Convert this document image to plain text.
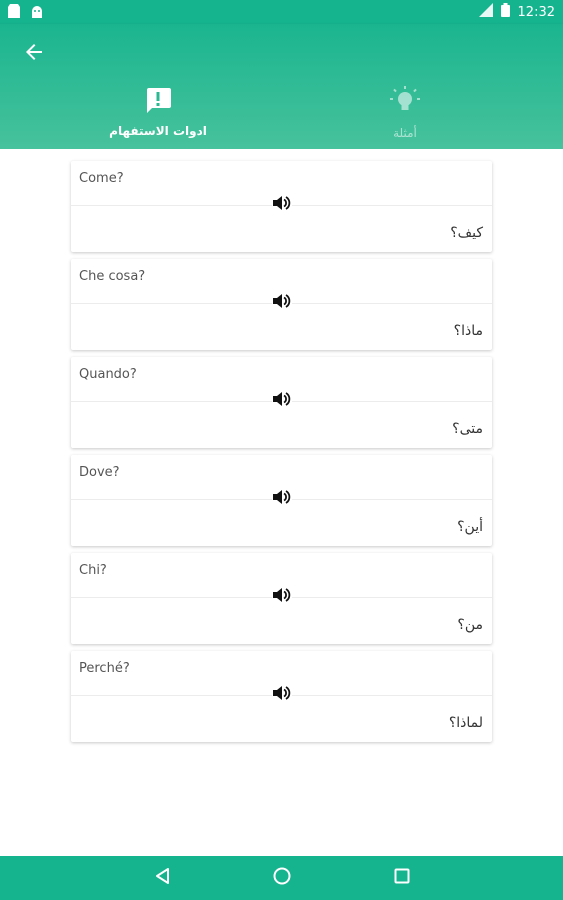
12:32
ادوات الاستفهام	أمثلة
Come?
كيف؟
Che cosa?
ماذا؟
Quando?
متى؟
Dove?
أين؟
Chi?
من؟
Perché?
لماذا؟
